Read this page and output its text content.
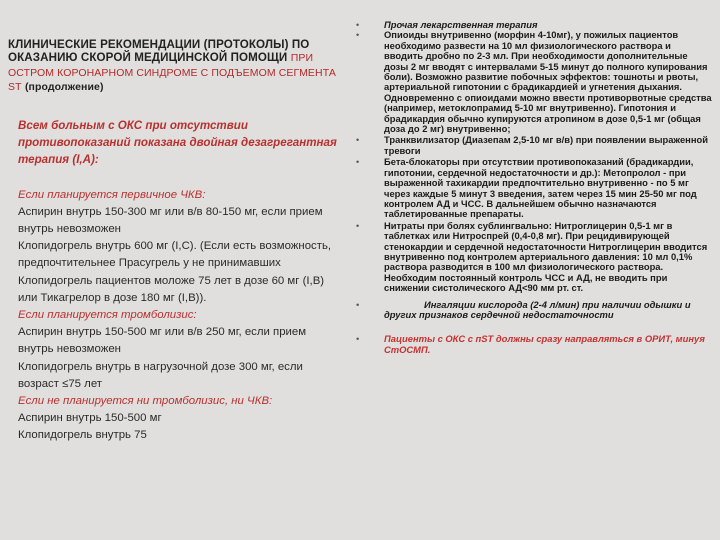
КЛИНИЧЕСКИЕ РЕКОМЕНДАЦИИ (ПРОТОКОЛЫ) ПО ОКАЗАНИЮ СКОРОЙ МЕДИЦИНСКОЙ ПОМОЩИ ПРИ ОСТРОМ КОРОНАРНОМ СИНДРОМЕ С ПОДЪЕМОМ СЕГМЕНТА ST (продолжение)
Всем больным с ОКС при отсутствии противопоказаний показана двойная дезагрегантная терапия (I,A):

Если планируется первичное ЧКВ:

Аспирин внутрь 150-300 мг или в/в 80-150 мг, если прием внутрь невозможен

Клопидогрель внутрь 600 мг (I,C). (Если есть возможность, предпочтительнее Прасугрель у не принимавших Клопидогрель пациентов моложе 75 лет в дозе 60 мг (I,B) или Тикагрелор в дозе 180 мг (I,B)).

Если планируется тромболизис:

Аспирин внутрь 150-500 мг или в/в 250 мг, если прием внутрь невозможен

Клопидогрель внутрь в нагрузочной дозе 300 мг, если возраст ≤75 лет

Если не планируется ни тромболизис, ни ЧКВ:

Аспирин внутрь 150-500 мг

Клопидогрель внутрь 75

•	Прочая лекарственная терапия
•	Опиоиды внутривенно (морфин 4-10мг), у пожилых пациентов необходимо развести на 10 мл физиологического раствора и вводить дробно по 2-3 мл. При необходимости дополнительные дозы 2 мг вводят с интервалами 5-15 минут до полного купирования боли). Возможно развитие побочных эффектов: тошноты и рвоты, артериальной гипотонии с брадикардией и угнетения дыхания. Одновременно с опиоидами можно ввести противорвотные средства (например, метоклопрамид 5-10 мг внутривенно). Гипотония и брадикардия обычно купируются атропином в дозе 0,5-1 мг (общая доза до 2 мг) внутривенно;
•	Транквилизатор (Диазепам 2,5-10 мг в/в) при появлении выраженной тревоги
•	Бета-блокаторы при отсутствии противопоказаний (брадикардии, гипотонии, сердечной недостаточности и др.): Метопролол - при выраженной тахикардии предпочтительно внутривенно - по 5 мг через каждые 5 минут 3 введения, затем через 15 мин 25-50 мг под контролем АД и ЧСС. В дальнейшем обычно назначаются таблетированные препараты.
•	Нитраты при болях сублингвально: Нитроглицерин 0,5-1 мг в таблетках или Нитроспрей (0,4-0,8 мг). При рецидивирующей стенокардии и сердечной недостаточности Нитроглицерин вводится внутривенно под контролем артериального давления: 10 мл 0,1% раствора разводится в 100 мл физиологического раствора. Необходим постоянный контроль ЧСС и АД, не вводить при снижении систолического АД<90 мм рт. ст.
•	Ингаляции кислорода (2-4 л/мин) при наличии одышки и других признаков сердечной недостаточности
•	Пациенты с ОКС с пST должны сразу направляться в ОРИТ, минуя СтОСМП.
